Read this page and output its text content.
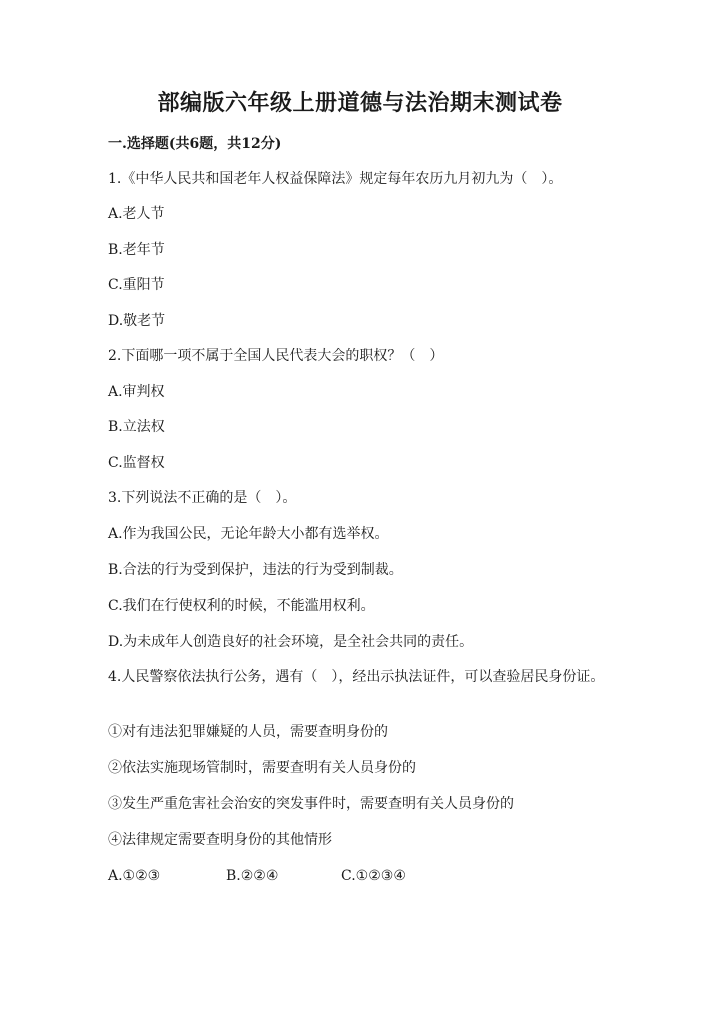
部编版六年级上册道德与法治期末测试卷
一.选择题(共6题，共12分)
1.《中华人民共和国老年人权益保障法》规定每年农历九月初九为（　）。
A.老人节
B.老年节
C.重阳节
D.敬老节
2.下面哪一项不属于全国人民代表大会的职权？（　）
A.审判权
B.立法权
C.监督权
3.下列说法不正确的是（　）。
A.作为我国公民，无论年龄大小都有选举权。
B.合法的行为受到保护，违法的行为受到制裁。
C.我们在行使权利的时候，不能滥用权利。
D.为未成年人创造良好的社会环境，是全社会共同的责任。
4.人民警察依法执行公务，遇有（　），经出示执法证件，可以查验居民身份证。
①对有违法犯罪嫌疑的人员，需要查明身份的
②依法实施现场管制时，需要查明有关人员身份的
③发生严重危害社会治安的突发事件时，需要查明有关人员身份的
④法律规定需要查明身份的其他情形
A.①②③	B.②②④	C.①②③④
